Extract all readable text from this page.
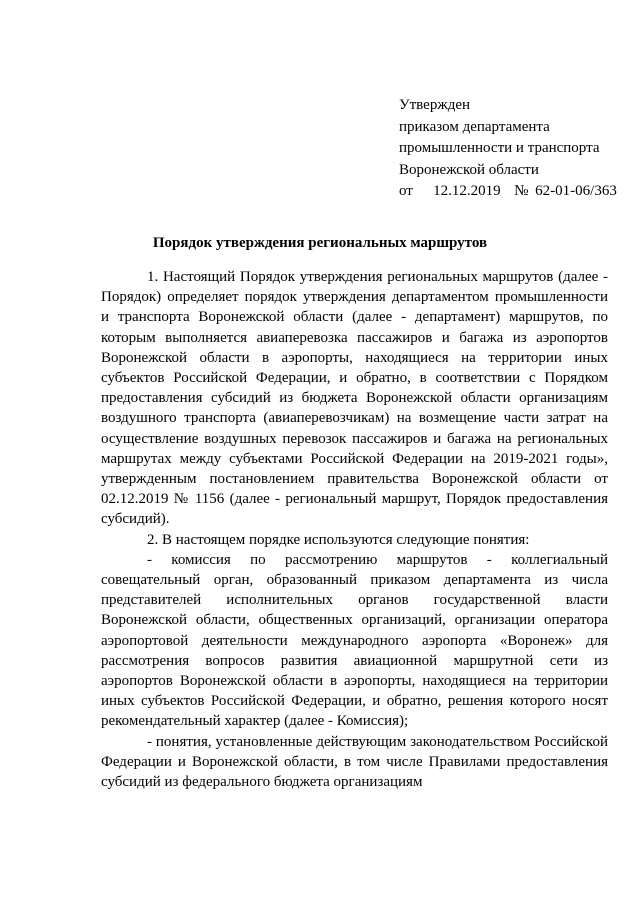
Утвержден
приказом департамента
промышленности и транспорта
Воронежской области
от   12.12.2019  № 62-01-06/363
Порядок утверждения региональных маршрутов

1. Настоящий Порядок утверждения региональных маршрутов (далее - Порядок) определяет порядок утверждения департаментом промышленности и транспорта Воронежской области (далее - департамент) маршрутов, по которым выполняется авиаперевозка пассажиров и багажа из аэропортов Воронежской области в аэропорты, находящиеся на территории иных субъектов Российской Федерации, и обратно, в соответствии с Порядком предоставления субсидий из бюджета Воронежской области организациям воздушного транспорта (авиаперевозчикам) на возмещение части затрат на осуществление воздушных перевозок пассажиров и багажа на региональных маршрутах между субъектами Российской Федерации на 2019-2021 годы», утвержденным постановлением правительства Воронежской области от 02.12.2019 № 1156 (далее - региональный маршрут, Порядок предоставления субсидий).

2. В настоящем порядке используются следующие понятия:

- комиссия по рассмотрению маршрутов - коллегиальный совещательный орган, образованный приказом департамента из числа представителей исполнительных органов государственной власти Воронежской области, общественных организаций, организации оператора аэропортовой деятельности международного аэропорта «Воронеж» для рассмотрения вопросов развития авиационной маршрутной сети из аэропортов Воронежской области в аэропорты, находящиеся на территории иных субъектов Российской Федерации, и обратно, решения которого носят рекомендательный характер (далее - Комиссия);

- понятия, установленные действующим законодательством Российской Федерации и Воронежской области, в том числе Правилами предоставления субсидий из федерального бюджета организациям
